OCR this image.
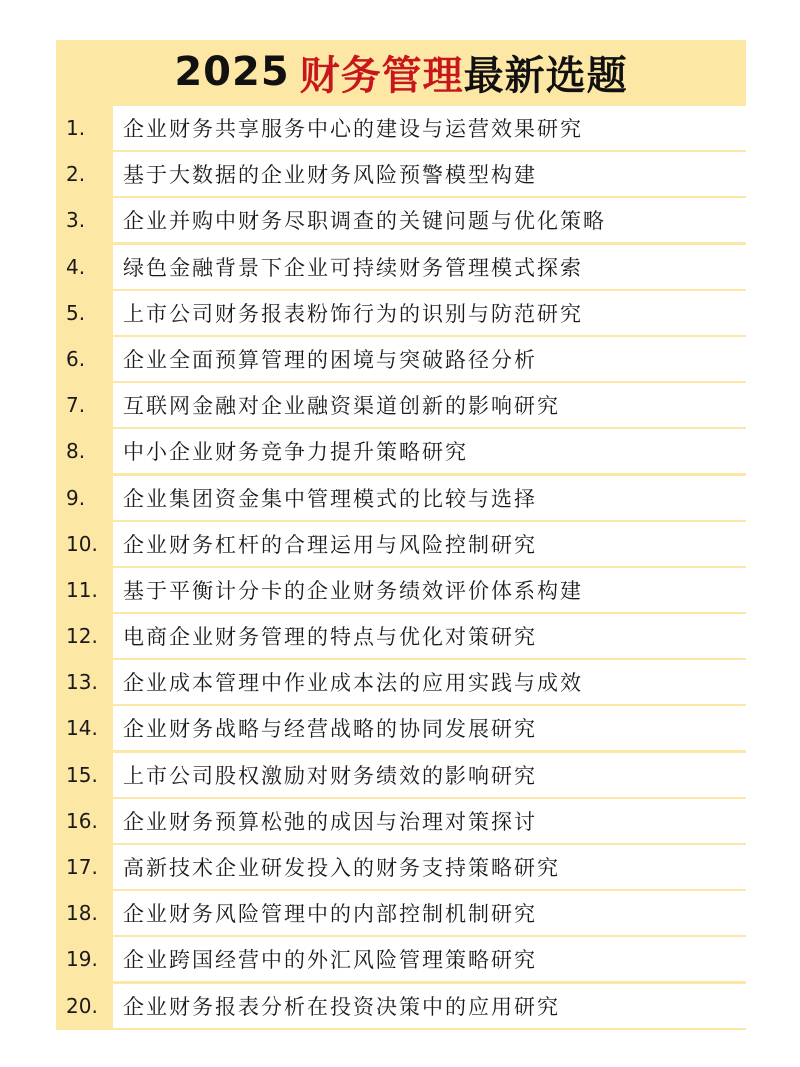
2025 财务管理 最新选题
1.	企业财务共享服务中心的建设与运营效果研究
2.	基于大数据的企业财务风险预警模型构建
3.	企业并购中财务尽职调查的关键问题与优化策略
4.	绿色金融背景下企业可持续财务管理模式探索
5.	上市公司财务报表粉饰行为的识别与防范研究
6.	企业全面预算管理的困境与突破路径分析
7.	互联网金融对企业融资渠道创新的影响研究
8.	中小企业财务竞争力提升策略研究
9.	企业集团资金集中管理模式的比较与选择
10.	企业财务杠杆的合理运用与风险控制研究
11.	基于平衡计分卡的企业财务绩效评价体系构建
12.	电商企业财务管理的特点与优化对策研究
13.	企业成本管理中作业成本法的应用实践与成效
14.	企业财务战略与经营战略的协同发展研究
15.	上市公司股权激励对财务绩效的影响研究
16.	企业财务预算松弛的成因与治理对策探讨
17.	高新技术企业研发投入的财务支持策略研究
18.	企业财务风险管理中的内部控制机制研究
19.	企业跨国经营中的外汇风险管理策略研究
20.	企业财务报表分析在投资决策中的应用研究
